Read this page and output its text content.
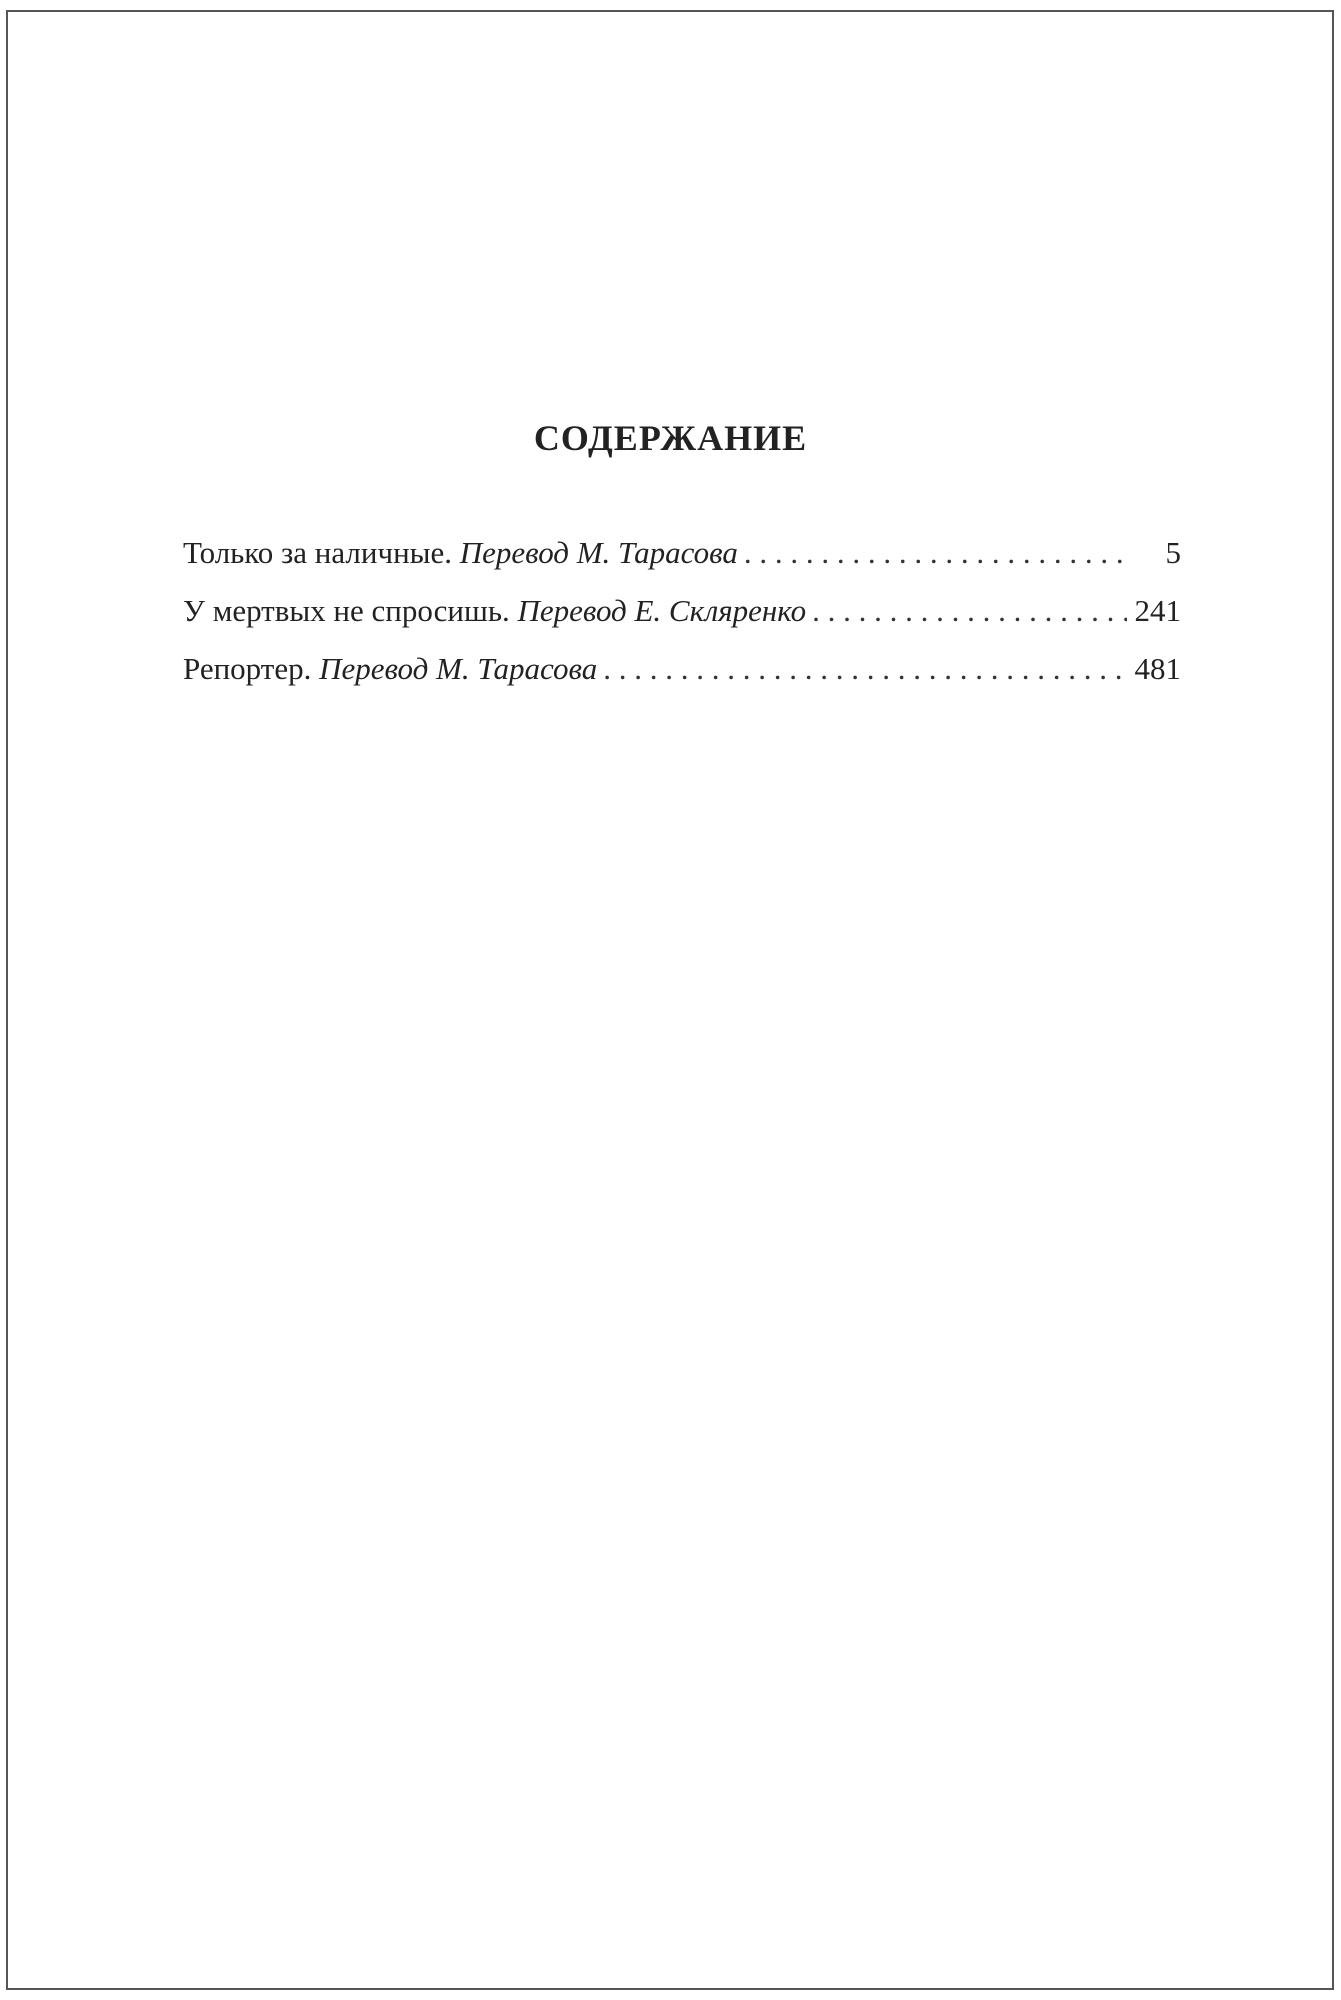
СОДЕРЖАНИЕ
Только за наличные. Перевод М. Тарасова . . .	5
У мертвых не спросишь. Перевод Е. Скляренко . . .	241
Репортер. Перевод М. Тарасова . . .	481
